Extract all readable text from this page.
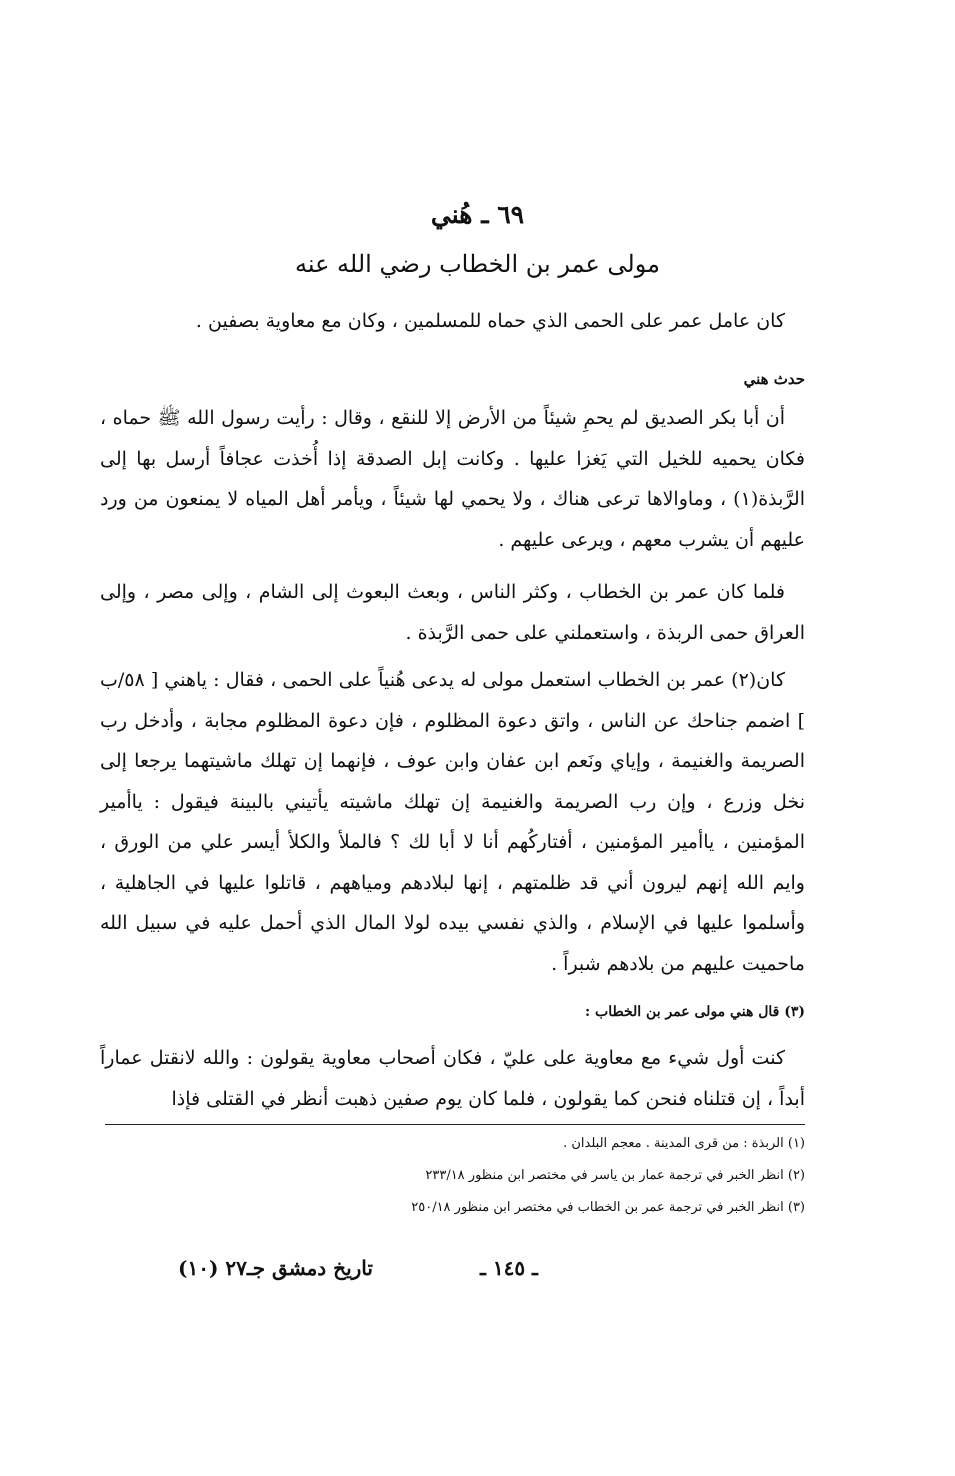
٦٩ ـ هُني
مولى عمر بن الخطاب رضي الله عنه
كان عامل عمر على الحمى الذي حماه للمسلمين ، وكان مع معاوية بصفين .
حدث هني
أن أبا بكر الصديق لم يحمِ شيئاً من الأرض إلا للنقع ، وقال : رأيت رسول الله ﷺ حماه ، فكان يحميه للخيل التي يَغزا عليها . وكانت إبل الصدقة إذا أُخذت عجافاً أرسل بها إلى الرَّبذة(١) ، وماوالاها ترعى هناك ، ولا يحمي لها شيئاً ، ويأمر أهل المياه لا يمنعون من ورد عليهم أن يشرب معهم ، ويرعى عليهم .
فلما كان عمر بن الخطاب ، وكثر الناس ، وبعث البعوث إلى الشام ، وإلى مصر ، وإلى العراق حمى الربذة ، واستعملني على حمى الرَّبذة .
كان(٢) عمر بن الخطاب استعمل مولى له يدعى هُنياً على الحمى ، فقال : ياهني [ ٥٨/ب ] اضمم جناحك عن الناس ، واتق دعوة المظلوم ، فإن دعوة المظلوم مجابة ، وأدخل رب الصريمة والغنيمة ، وإياي ونَعم ابن عفان وابن عوف ، فإنهما إن تهلك ماشيتهما يرجعا إلى نخل وزرع ، وإن رب الصريمة والغنيمة إن تهلك ماشيته يأتيني بالبينة فيقول : ياأمير المؤمنين ، ياأمير المؤمنين ، أفتاركُهم أنا لا أبا لك ؟ فالملأ والكلأ أيسر علي من الورق ، وايم الله إنهم ليرون أني قد ظلمتهم ، إنها لبلادهم ومياههم ، قاتلوا عليها في الجاهلية ، وأسلموا عليها في الإسلام ، والذي نفسي بيده لولا المال الذي أحمل عليه في سبيل الله ماحميت عليهم من بلادهم شبراً .
(٣) قال هني مولى عمر بن الخطاب :
كنت أول شيء مع معاوية على عليّ ، فكان أصحاب معاوية يقولون : والله لانقتل عماراً أبداً ، إن قتلناه فنحن كما يقولون ، فلما كان يوم صفين ذهبت أنظر في القتلى فإذا
(١) الربذة : من قرى المدينة . معجم البلدان .
(٢) انظر الخبر في ترجمة عمار بن ياسر في مختصر ابن منظور ٢٣٣/١٨
(٣) انظر الخبر في ترجمة عمر بن الخطاب في مختصر ابن منظور ٢٥٠/١٨
ـ ١٤٥ ـ
تاريخ دمشق جـ٢٧ (١٠)
